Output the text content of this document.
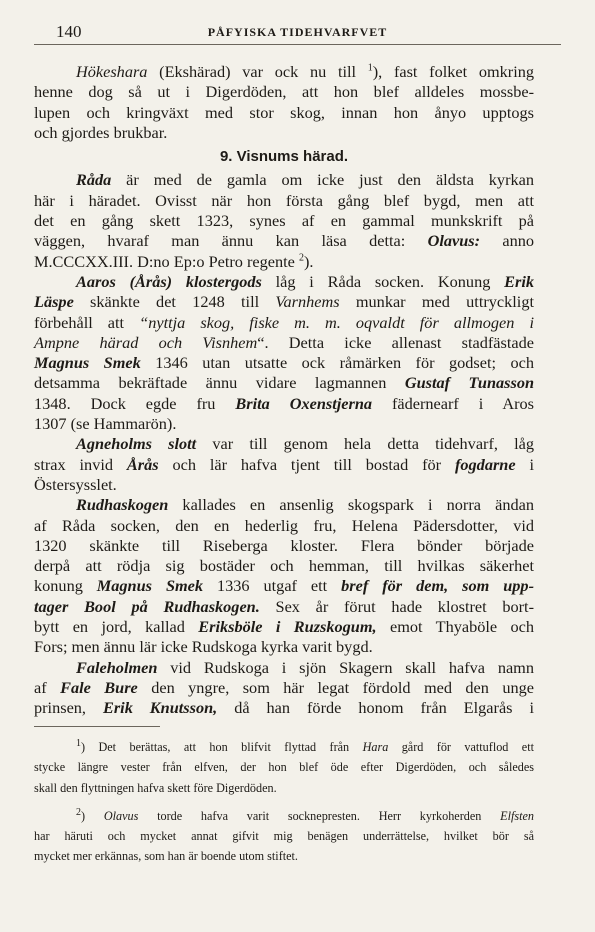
140	PÅFYISKA TIDEHVARFVET
Hökeshara (Ekshärad) var ock nu till $^1$), fast folket omkring
henne dog så ut i Digerdöden, att hon blef alldeles mossbe-
lupen och kringväxt med stor skog, innan hon ånyo upptogs
och gjordes brukbar.
9. Visnums härad.
Råda är med de gamla om icke just den äldsta kyrkan
här i häradet. Ovisst när hon första gång blef bygd, men att
det en gång skett 1323, synes af en gammal munkskrift på
väggen, hvaraf man ännu kan läsa detta: Olavus: anno
M.CCCXX.III. D:no Ep:o Petro regente $^2$).
Aaros (Årås) klostergods låg i Råda socken. Konung Erik
Läspe skänkte det 1248 till Varnhems munkar med uttryckligt
förbehåll att “nyttja skog, fiske m. m. oqvaldt för allmogen i
Ampne härad och Visnhem“. Detta icke allenast stadfästade
Magnus Smek 1346 utan utsatte ock råmärken för godset; och
detsamma bekräftade ännu vidare lagmannen Gustaf Tunasson
1348. Dock egde fru Brita Oxenstjerna fädernearf i Aros
1307 (se Hammarön).
Agneholms slott var till genom hela detta tidehvarf, låg
strax invid Årås och lär hafva tjent till bostad för fogdarne i
Östersysslet.
Rudhaskogen kallades en ansenlig skogspark i norra ändan
af Råda socken, den en hederlig fru, Helena Pädersdotter, vid
1320 skänkte till Riseberga kloster. Flera bönder började
derpå att rödja sig bostäder och hemman, till hvilkas säkerhet
konung Magnus Smek 1336 utgaf ett bref för dem, som upp-
tager Bool på Rudhaskogen. Sex år förut hade klostret bort-
bytt en jord, kallad Eriksböle i Ruzskogum, emot Thyaböle och
Fors; men ännu lär icke Rudskoga kyrka varit bygd.
Faleholmen vid Rudskoga i sjön Skagern skall hafva namn
af Fale Bure den yngre, som här legat fördold med den unge
prinsen, Erik Knutsson, då han förde honom från Elgarås i
$^1$) Det berättas, att hon blifvit flyttad från Hara gård för vattuflod ett
stycke längre vester från elfven, der hon blef öde efter Digerdöden, och således
skall den flyttningen hafva skett före Digerdöden.
$^2$) Olavus torde hafva varit socknepresten. Herr kyrkoherden Elfsten
har häruti och mycket annat gifvit mig benägen underrättelse, hvilket bör så
mycket mer erkännas, som han är boende utom stiftet.
